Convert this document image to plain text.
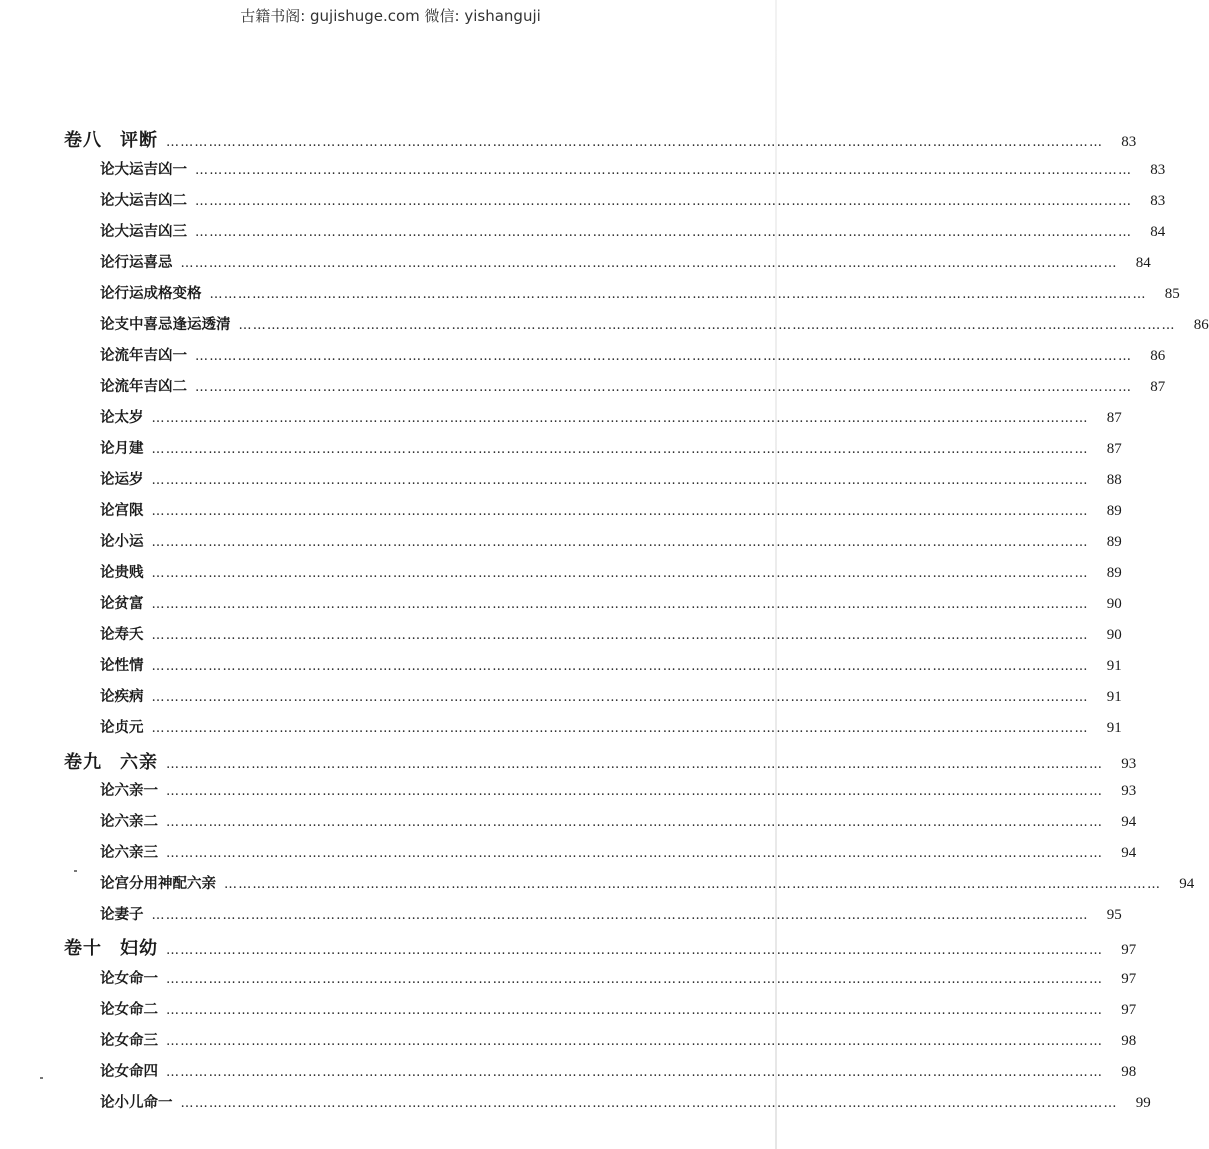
古籍书阁: gujishuge.com 微信: yishanguji
卷八 评断 ………………………………………………………………………………………………………………………………………………………………………………	83
论大运吉凶一 ………………………………………………………………………………………………………………………………………………………………………………	83
论大运吉凶二 ………………………………………………………………………………………………………………………………………………………………………………	83
论大运吉凶三 ………………………………………………………………………………………………………………………………………………………………………………	84
论行运喜忌 ………………………………………………………………………………………………………………………………………………………………………………	84
论行运成格变格 ………………………………………………………………………………………………………………………………………………………………………………	85
论支中喜忌逢运透清 ………………………………………………………………………………………………………………………………………………………………………………	86
论流年吉凶一 ………………………………………………………………………………………………………………………………………………………………………………	86
论流年吉凶二 ………………………………………………………………………………………………………………………………………………………………………………	87
论太岁 ………………………………………………………………………………………………………………………………………………………………………………	87
论月建 ………………………………………………………………………………………………………………………………………………………………………………	87
论运岁 ………………………………………………………………………………………………………………………………………………………………………………	88
论宫限 ………………………………………………………………………………………………………………………………………………………………………………	89
论小运 ………………………………………………………………………………………………………………………………………………………………………………	89
论贵贱 ………………………………………………………………………………………………………………………………………………………………………………	89
论贫富 ………………………………………………………………………………………………………………………………………………………………………………	90
论寿夭 ………………………………………………………………………………………………………………………………………………………………………………	90
论性情 ………………………………………………………………………………………………………………………………………………………………………………	91
论疾病 ………………………………………………………………………………………………………………………………………………………………………………	91
论贞元 ………………………………………………………………………………………………………………………………………………………………………………	91
卷九 六亲 ………………………………………………………………………………………………………………………………………………………………………………	93
论六亲一 ………………………………………………………………………………………………………………………………………………………………………………	93
论六亲二 ………………………………………………………………………………………………………………………………………………………………………………	94
论六亲三 ………………………………………………………………………………………………………………………………………………………………………………	94
论宫分用神配六亲 ………………………………………………………………………………………………………………………………………………………………………………	94
论妻子 ………………………………………………………………………………………………………………………………………………………………………………	95
卷十 妇幼 ………………………………………………………………………………………………………………………………………………………………………………	97
论女命一 ………………………………………………………………………………………………………………………………………………………………………………	97
论女命二 ………………………………………………………………………………………………………………………………………………………………………………	97
论女命三 ………………………………………………………………………………………………………………………………………………………………………………	98
论女命四 ………………………………………………………………………………………………………………………………………………………………………………	98
论小儿命一 ………………………………………………………………………………………………………………………………………………………………………………	99
